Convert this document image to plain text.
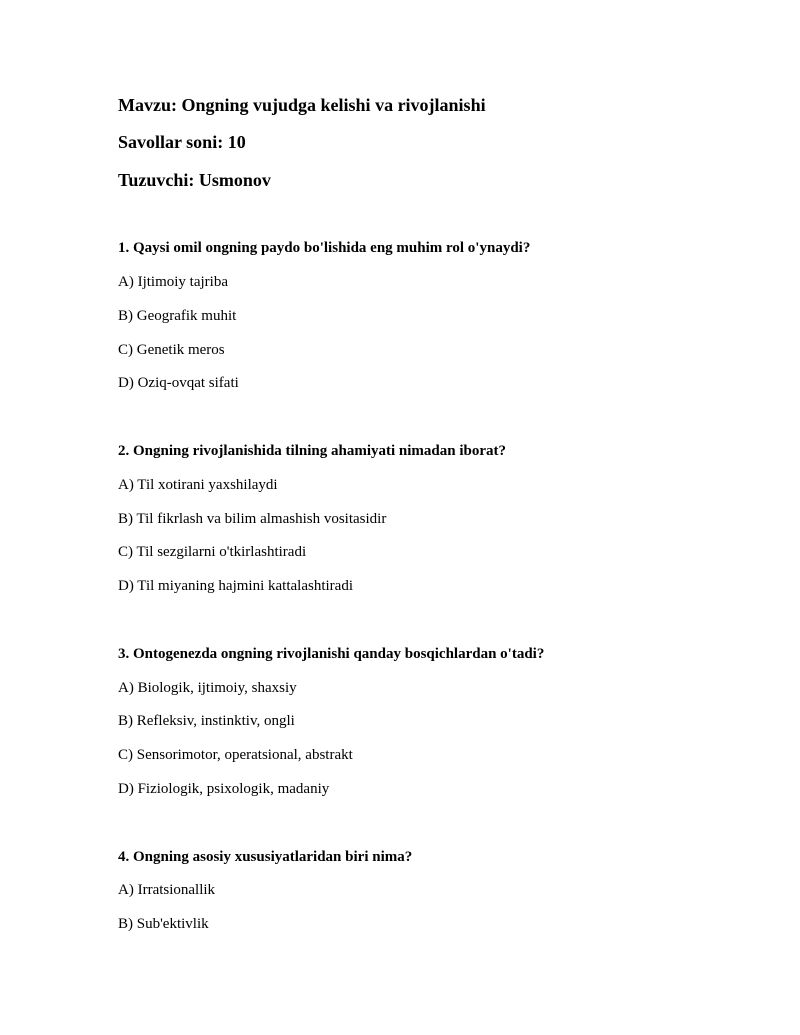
Mavzu: Ongning vujudga kelishi va rivojlanishi
Savollar soni: 10
Tuzuvchi: Usmonov
1. Qaysi omil ongning paydo bo'lishida eng muhim rol o'ynaydi?
A) Ijtimoiy tajriba
B) Geografik muhit
C) Genetik meros
D) Oziq-ovqat sifati
2. Ongning rivojlanishida tilning ahamiyati nimadan iborat?
A) Til xotirani yaxshilaydi
B) Til fikrlash va bilim almashish vositasidir
C) Til sezgilarni o'tkirlashtiradi
D) Til miyaning hajmini kattalashtiradi
3. Ontogenezda ongning rivojlanishi qanday bosqichlardan o'tadi?
A) Biologik, ijtimoiy, shaxsiy
B) Refleksiv, instinktiv, ongli
C) Sensorimotor, operatsional, abstrakt
D) Fiziologik, psixologik, madaniy
4. Ongning asosiy xususiyatlaridan biri nima?
A) Irratsionallik
B) Sub'ektivlik
